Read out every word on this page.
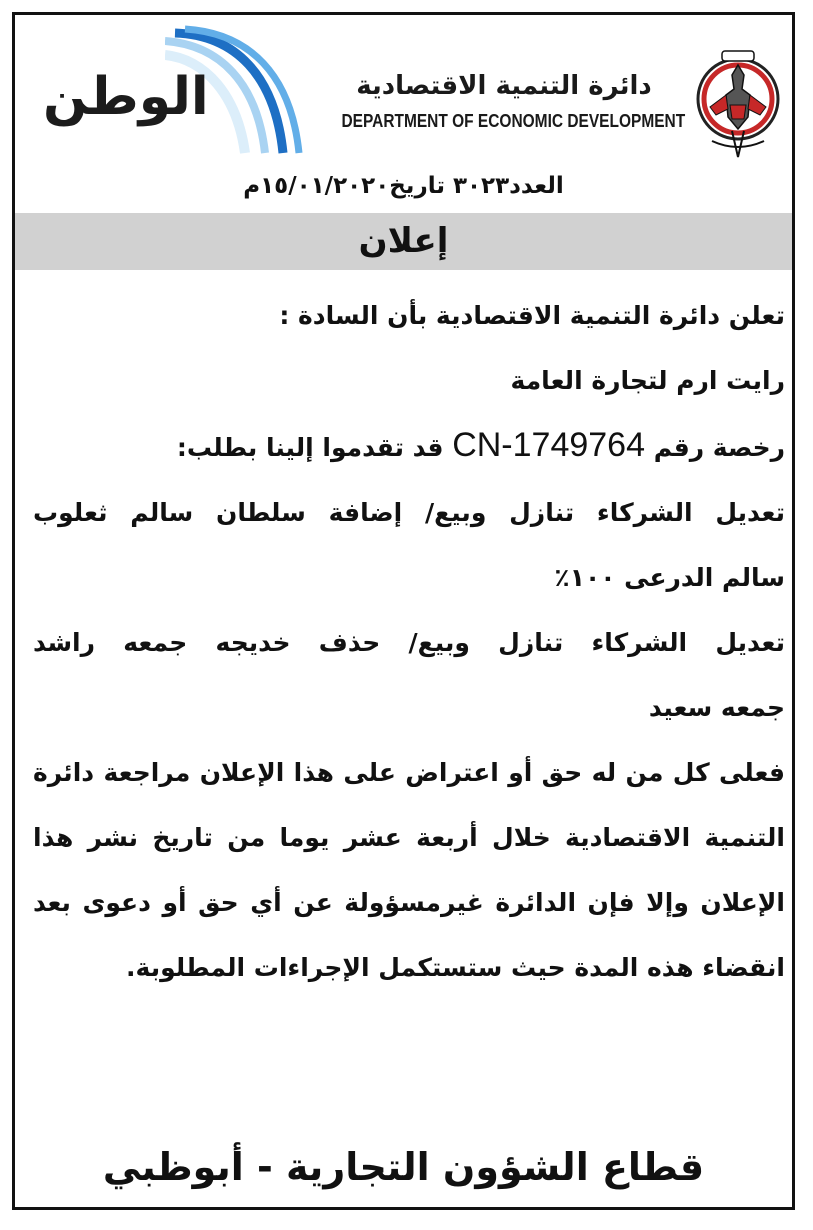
الوطن	دائرة التنمية الاقتصادية
DEPARTMENT OF ECONOMIC DEVELOPMENT
العدد٣٠٢٣ تاريخ١٥/٠١/٢٠٢٠م
إعلان

تعلن دائرة التنمية الاقتصادية بأن السادة :

رايت ارم لتجارة العامة

رخصة رقم CN-1749764 قد تقدموا إلينا بطلب:

تعديل الشركاء تنازل وبيع/ إضافة سلطان سالم ثعلوب

سالم الدرعى ١٠٠٪

تعديل الشركاء تنازل وبيع/ حذف خديجه جمعه راشد

جمعه سعيد

فعلى كل من له حق أو اعتراض على هذا الإعلان مراجعة دائرة التنمية الاقتصادية خلال أربعة عشر يوما من تاريخ نشر هذا الإعلان وإلا فإن الدائرة غيرمسؤولة عن أي حق أو دعوى بعد انقضاء هذه المدة حيث ستستكمل الإجراءات المطلوبة.

قطاع الشؤون التجارية - أبوظبي
